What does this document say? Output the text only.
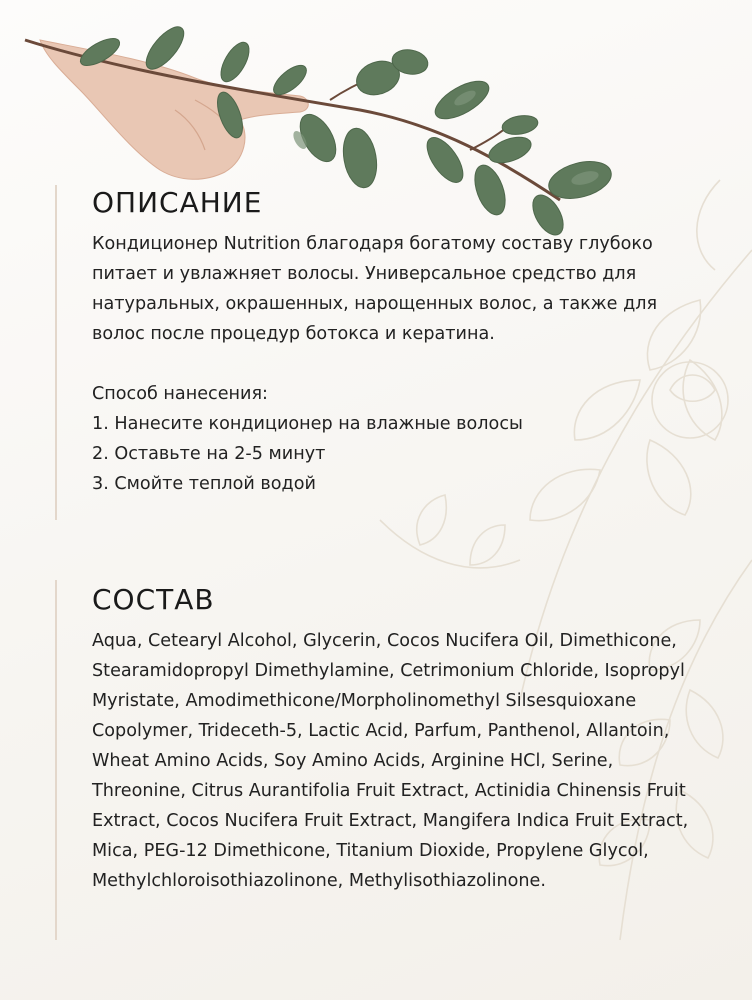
ОПИСАНИЕ
Кондиционер Nutrition благодаря богатому составу глубоко питает и увлажняет волосы. Универсальное средство для натуральных, окрашенных, нарощенных волос, а также для волос после процедур ботокса и кератина.
Способ нанесения:
1. Нанесите кондиционер на влажные волосы
2. Оставьте на 2-5 минут
3. Смойте теплой водой
СОСТАВ
Aqua, Cetearyl Alcohol, Glycerin, Cocos Nucifera Oil, Dimethicone, Stearamidopropyl Dimethylamine, Cetrimonium Chloride, Isopropyl Myristate, Amodimethicone/Morpholinomethyl Silsesquioxane Copolymer, Trideceth-5, Lactic Acid, Parfum, Panthenol, Allantoin, Wheat Amino Acids, Soy Amino Acids, Arginine HCl, Serine, Threonine, Citrus Aurantifolia Fruit Extract, Actinidia Chinensis Fruit Extract, Cocos Nucifera Fruit Extract, Mangifera Indica Fruit Extract, Mica, PEG-12 Dimethicone, Titanium Dioxide, Propylene Glycol, Methylchloroisothiazolinone, Methylisothiazolinone.
